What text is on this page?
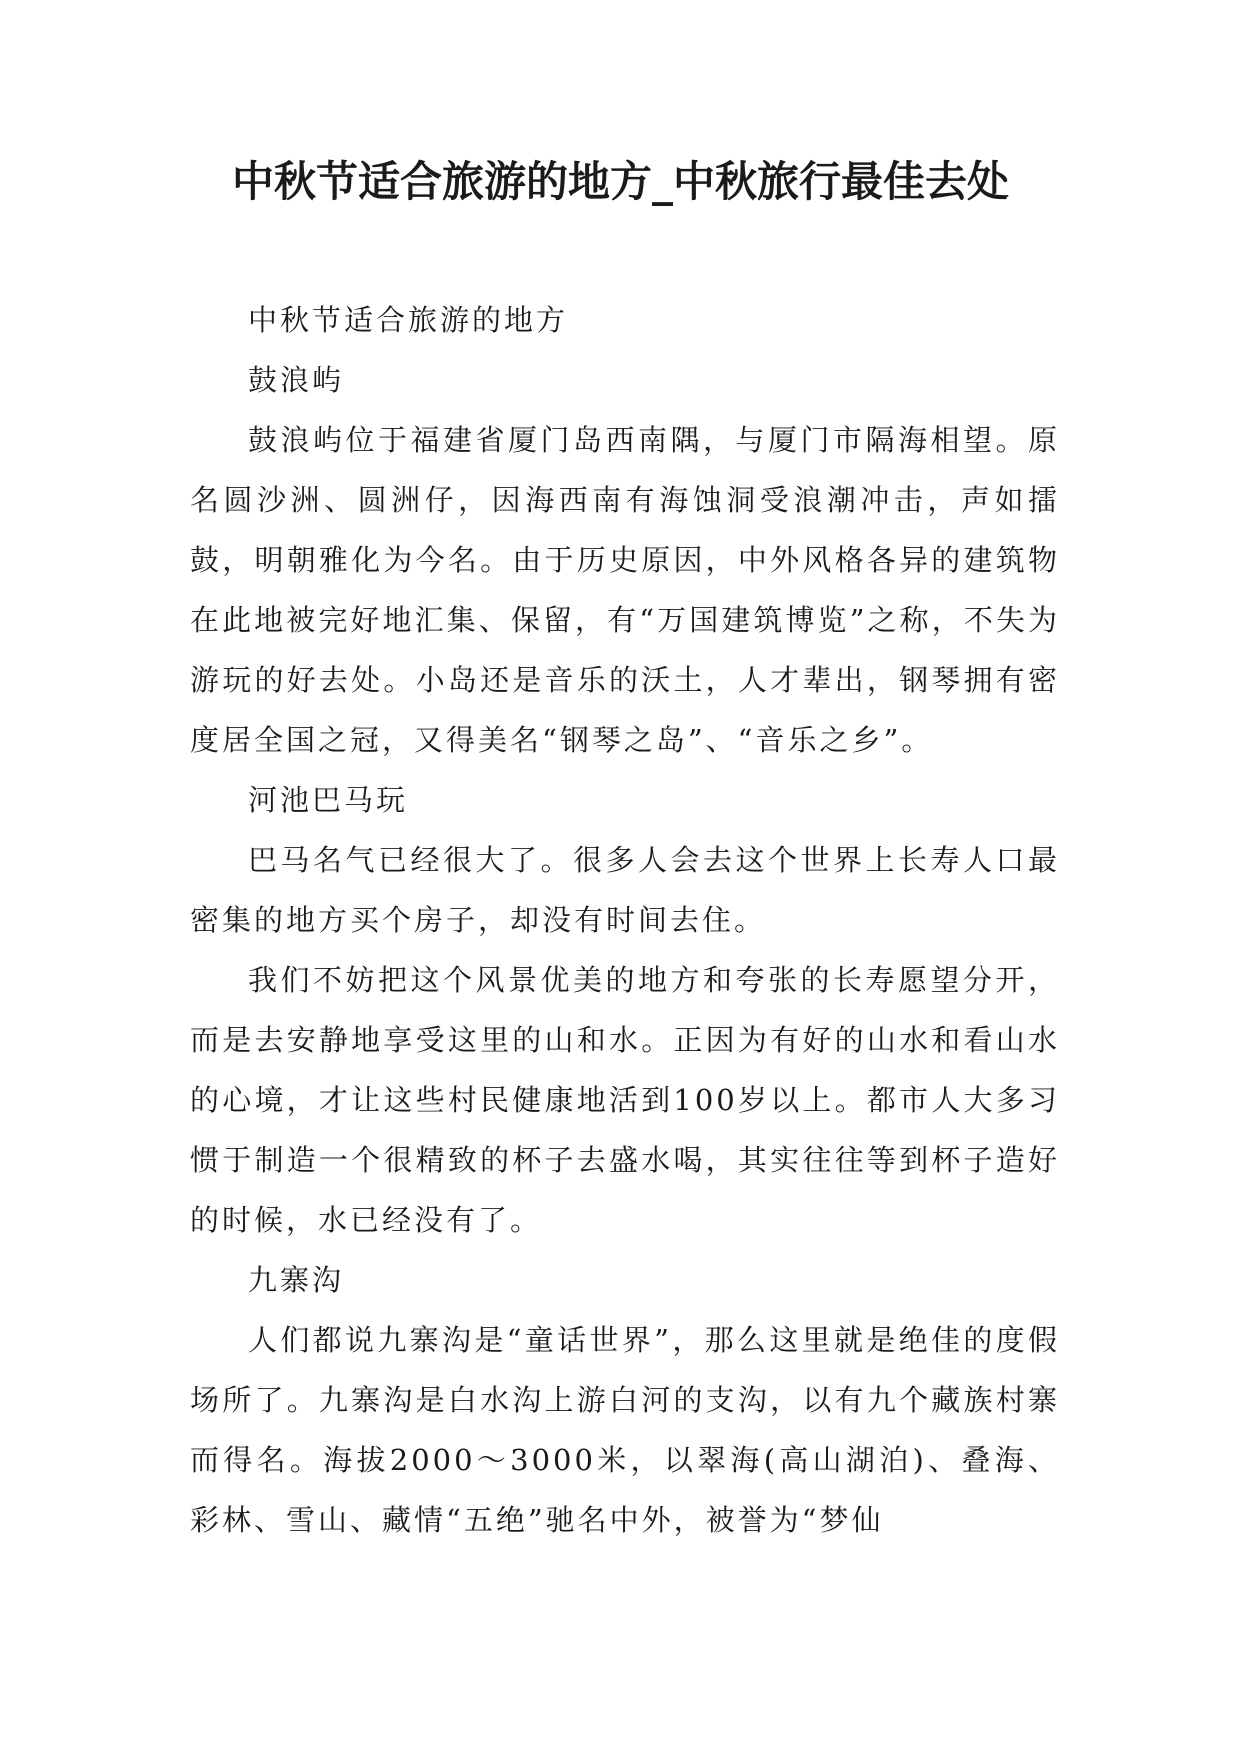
中秋节适合旅游的地方_中秋旅行最佳去处

中秋节适合旅游的地方

鼓浪屿

鼓浪屿位于福建省厦门岛西南隅，与厦门市隔海相望。原名圆沙洲、圆洲仔，因海西南有海蚀洞受浪潮冲击，声如擂鼓，明朝雅化为今名。由于历史原因，中外风格各异的建筑物在此地被完好地汇集、保留，有“万国建筑博览”之称，不失为游玩的好去处。小岛还是音乐的沃土，人才辈出，钢琴拥有密度居全国之冠，又得美名“钢琴之岛”、“音乐之乡”。

河池巴马玩

巴马名气已经很大了。很多人会去这个世界上长寿人口最密集的地方买个房子，却没有时间去住。

我们不妨把这个风景优美的地方和夸张的长寿愿望分开，而是去安静地享受这里的山和水。正因为有好的山水和看山水的心境，才让这些村民健康地活到100岁以上。都市人大多习惯于制造一个很精致的杯子去盛水喝，其实往往等到杯子造好的时候，水已经没有了。

九寨沟

人们都说九寨沟是“童话世界”，那么这里就是绝佳的度假场所了。九寨沟是白水沟上游白河的支沟，以有九个藏族村寨而得名。海拔2000～3000米，以翠海(高山湖泊)、叠海、彩林、雪山、藏情“五绝”驰名中外，被誉为“梦仙
